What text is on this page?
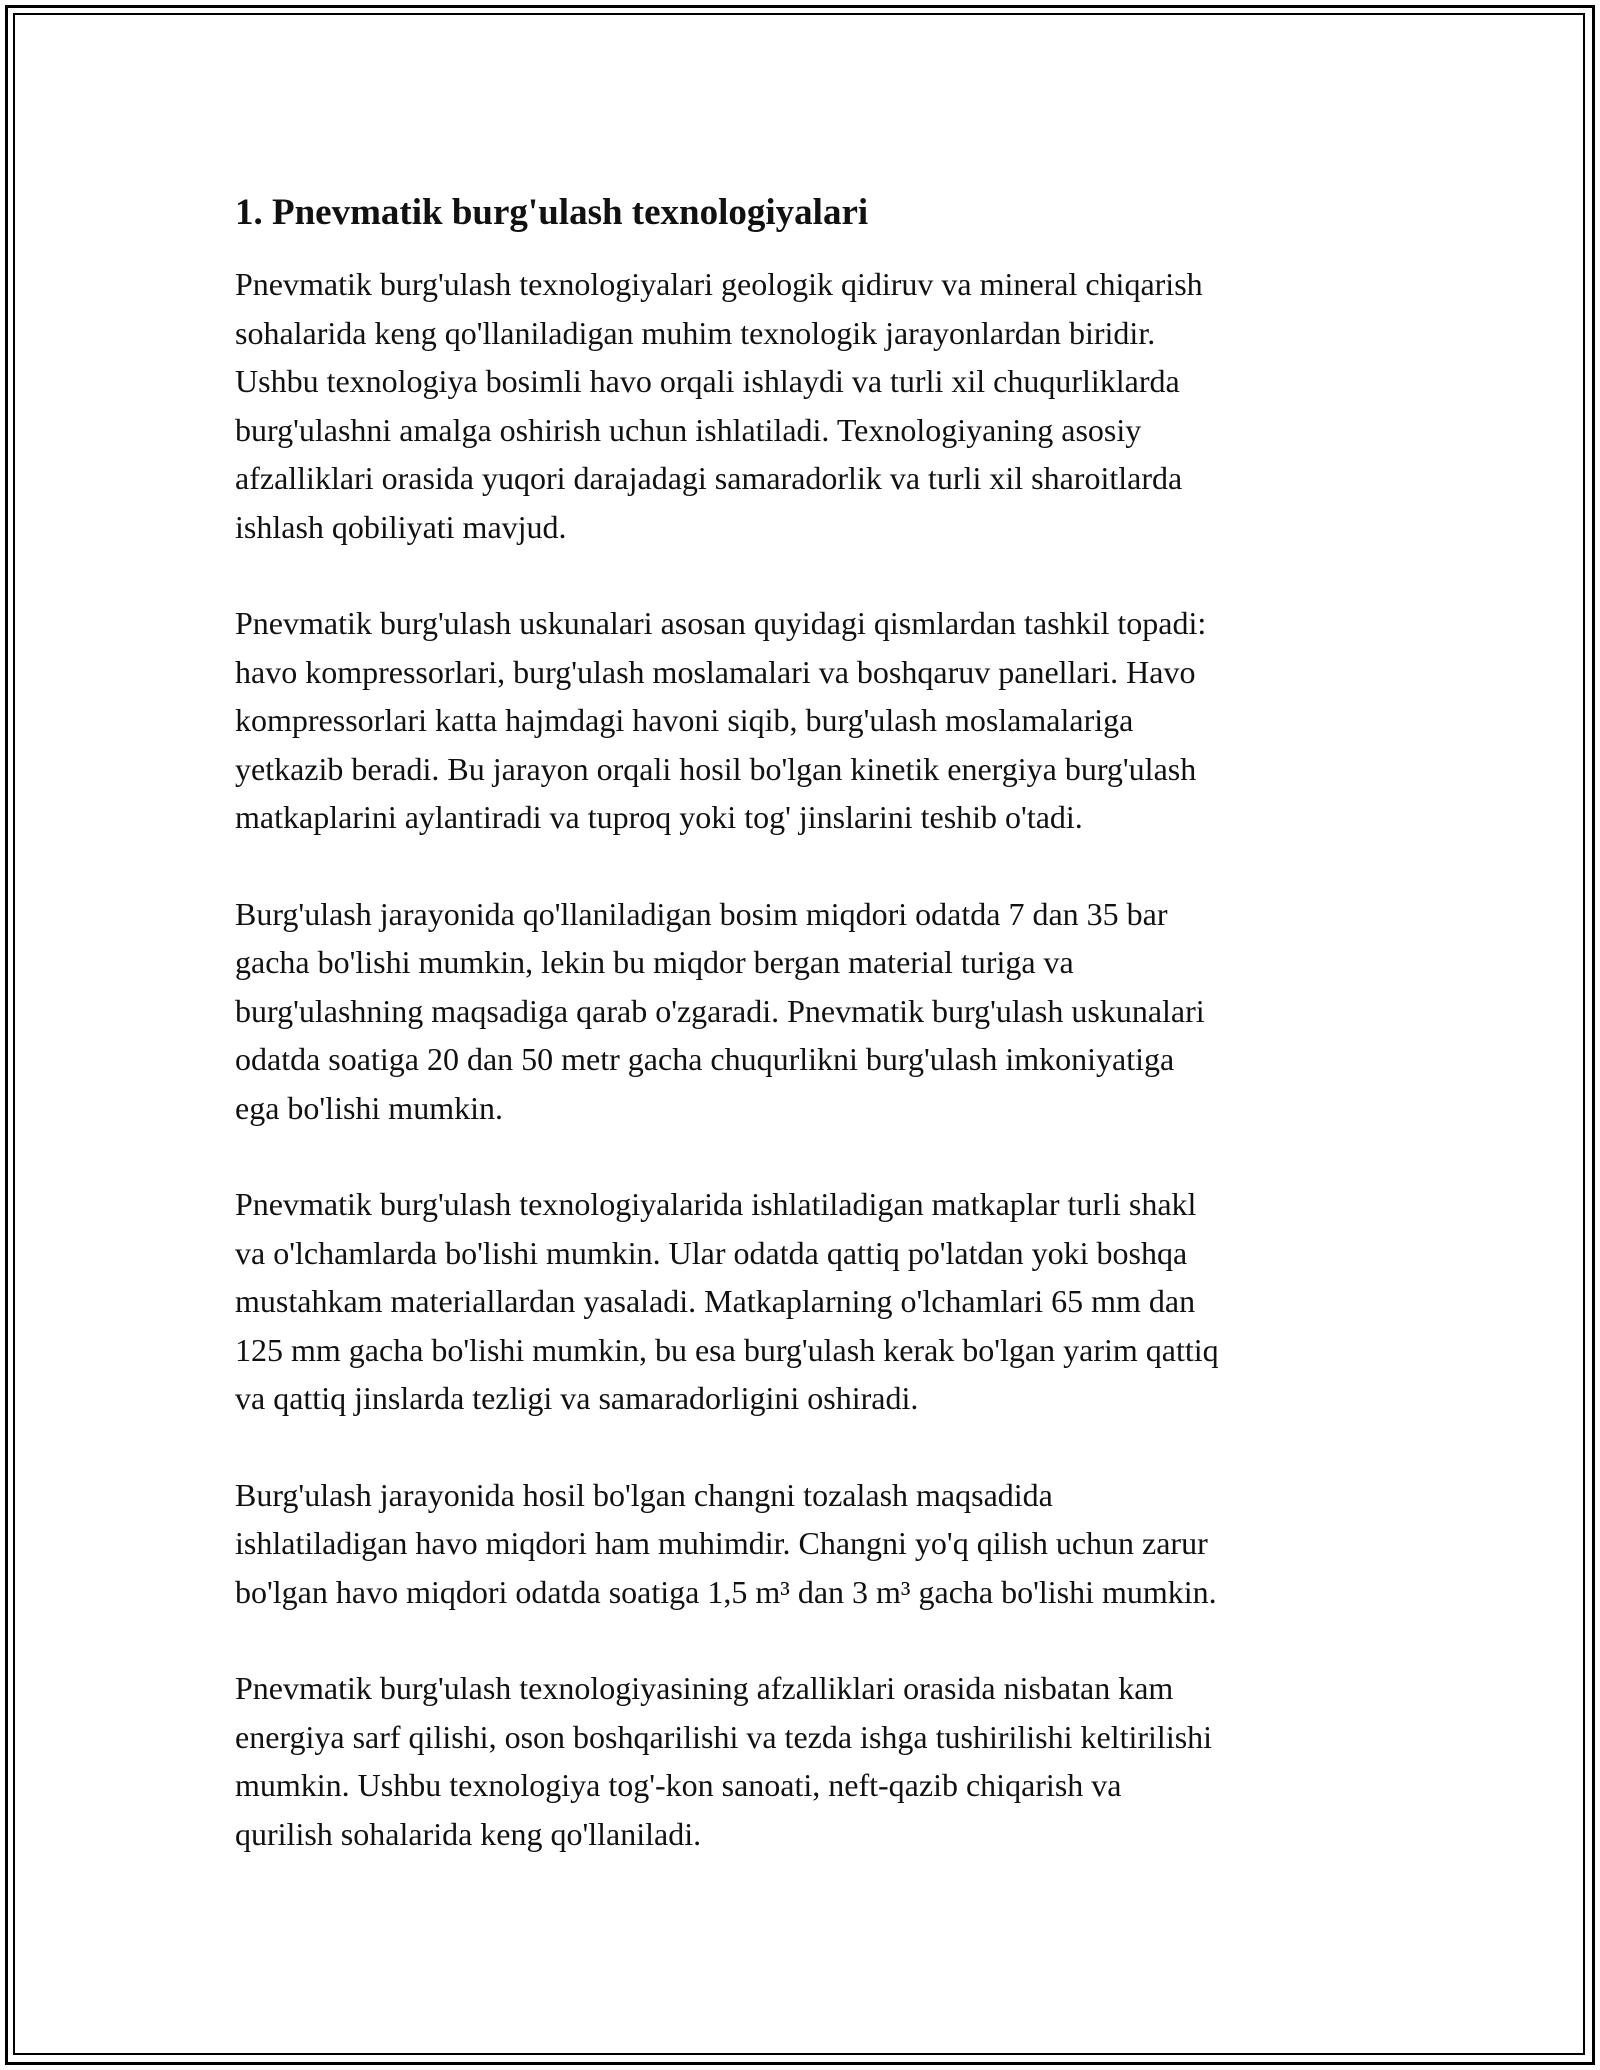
1. Pnevmatik burg'ulash texnologiyalari

Pnevmatik burg'ulash texnologiyalari geologik qidiruv va mineral chiqarish
sohalarida keng qo'llaniladigan muhim texnologik jarayonlardan biridir.
Ushbu texnologiya bosimli havo orqali ishlaydi va turli xil chuqurliklarda
burg'ulashni amalga oshirish uchun ishlatiladi. Texnologiyaning asosiy
afzalliklari orasida yuqori darajadagi samaradorlik va turli xil sharoitlarda
ishlash qobiliyati mavjud.

Pnevmatik burg'ulash uskunalari asosan quyidagi qismlardan tashkil topadi:
havo kompressorlari, burg'ulash moslamalari va boshqaruv panellari. Havo
kompressorlari katta hajmdagi havoni siqib, burg'ulash moslamalariga
yetkazib beradi. Bu jarayon orqali hosil bo'lgan kinetik energiya burg'ulash
matkaplarini aylantiradi va tuproq yoki tog' jinslarini teshib o'tadi.

Burg'ulash jarayonida qo'llaniladigan bosim miqdori odatda 7 dan 35 bar
gacha bo'lishi mumkin, lekin bu miqdor bergan material turiga va
burg'ulashning maqsadiga qarab o'zgaradi. Pnevmatik burg'ulash uskunalari
odatda soatiga 20 dan 50 metr gacha chuqurlikni burg'ulash imkoniyatiga
ega bo'lishi mumkin.

Pnevmatik burg'ulash texnologiyalarida ishlatiladigan matkaplar turli shakl
va o'lchamlarda bo'lishi mumkin. Ular odatda qattiq po'latdan yoki boshqa
mustahkam materiallardan yasaladi. Matkaplarning o'lchamlari 65 mm dan
125 mm gacha bo'lishi mumkin, bu esa burg'ulash kerak bo'lgan yarim qattiq
va qattiq jinslarda tezligi va samaradorligini oshiradi.

Burg'ulash jarayonida hosil bo'lgan changni tozalash maqsadida
ishlatiladigan havo miqdori ham muhimdir. Changni yo'q qilish uchun zarur
bo'lgan havo miqdori odatda soatiga 1,5 m³ dan 3 m³ gacha bo'lishi mumkin.

Pnevmatik burg'ulash texnologiyasining afzalliklari orasida nisbatan kam
energiya sarf qilishi, oson boshqarilishi va tezda ishga tushirilishi keltirilishi
mumkin. Ushbu texnologiya tog'-kon sanoati, neft-qazib chiqarish va
qurilish sohalarida keng qo'llaniladi.
